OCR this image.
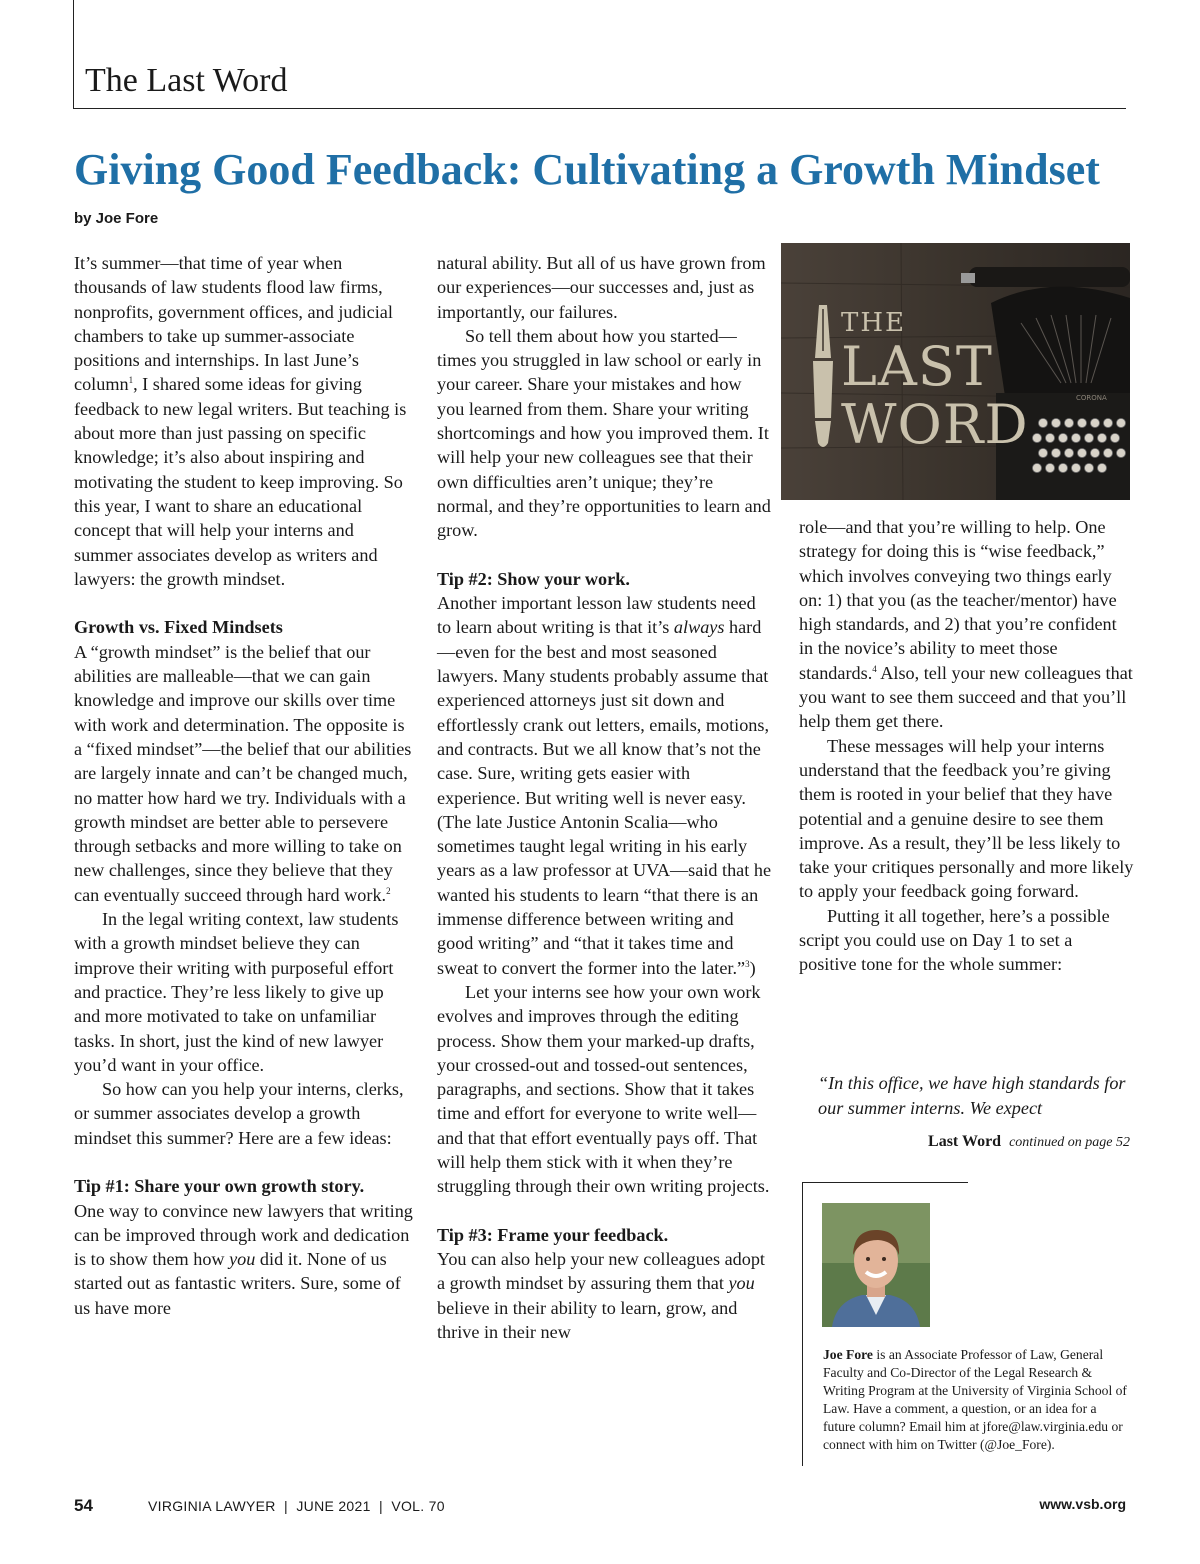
The Last Word
Giving Good Feedback: Cultivating a Growth Mindset
by Joe Fore

It’s summer—that time of year when thousands of law students flood law firms, nonprofits, government offices, and judicial chambers to take up summer-associate positions and internships. In last June’s column$^1$, I shared some ideas for giving feedback to new legal writers. But teaching is about more than just passing on specific knowledge; it’s also about inspiring and motivating the student to keep improving. So this year, I want to share an educational concept that will help your interns and summer associates develop as writers and lawyers: the growth mindset.

Growth vs. Fixed Mindsets

A “growth mindset” is the belief that our abilities are malleable—that we can gain knowledge and improve our skills over time with work and determination. The opposite is a “fixed mindset”—the belief that our abilities are largely innate and can’t be changed much, no matter how hard we try. Individuals with a growth mindset are better able to persevere through setbacks and more willing to take on new challenges, since they believe that they can eventually succeed through hard work.$^2$

In the legal writing context, law students with a growth mindset believe they can improve their writing with purposeful effort and practice. They’re less likely to give up and more motivated to take on unfamiliar tasks. In short, just the kind of new lawyer you’d want in your office.

So how can you help your interns, clerks, or summer associates develop a growth mindset this summer? Here are a few ideas:

Tip #1: Share your own growth story.

One way to convince new lawyers that writing can be improved through work and dedication is to show them how you did it. None of us started out as fantastic writers. Sure, some of us have more

natural ability. But all of us have grown from our experiences—our successes and, just as importantly, our failures.

So tell them about how you started—times you struggled in law school or early in your career. Share your mistakes and how you learned from them. Share your writing shortcomings and how you improved them. It will help your new colleagues see that their own difficulties aren’t unique; they’re normal, and they’re opportunities to learn and grow.

Tip #2: Show your work.

Another important lesson law students need to learn about writing is that it’s always hard—even for the best and most seasoned lawyers. Many students probably assume that experienced attorneys just sit down and effortlessly crank out letters, emails, motions, and contracts. But we all know that’s not the case. Sure, writing gets easier with experience. But writing well is never easy. (The late Justice Antonin Scalia—who sometimes taught legal writing in his early years as a law professor at UVA—said that he wanted his students to learn “that there is an immense difference between writing and good writing” and “that it takes time and sweat to convert the former into the later.”$^3$)

Let your interns see how your own work evolves and improves through the editing process. Show them your marked-up drafts, your crossed-out and tossed-out sentences, paragraphs, and sections. Show that it takes time and effort for everyone to write well—and that that effort eventually pays off. That will help them stick with it when they’re struggling through their own writing projects.

Tip #3: Frame your feedback.

You can also help your new colleagues adopt a growth mindset by assuring them that you believe in their ability to learn, grow, and thrive in their new

CORONA
THE
LAST
WORD

role—and that you’re willing to help. One strategy for doing this is “wise feedback,” which involves conveying two things early on: 1) that you (as the teacher/mentor) have high standards, and 2) that you’re confident in the novice’s ability to meet those standards.$^4$ Also, tell your new colleagues that you want to see them succeed and that you’ll help them get there.

These messages will help your interns understand that the feedback you’re giving them is rooted in your belief that they have potential and a genuine desire to see them improve. As a result, they’ll be less likely to take your critiques personally and more likely to apply your feedback going forward.

Putting it all together, here’s a possible script you could use on Day 1 to set a positive tone for the whole summer:

“In this office, we have high standards for our summer interns. We expect

Last Word continued on page 52

Joe Fore is an Associate Professor of Law, General Faculty and Co-Director of the Legal Research & Writing Program at the University of Virginia School of Law. Have a comment, a question, or an idea for a future column? Email him at jfore@law.virginia.edu or connect with him on Twitter (@Joe_Fore).

54	VIRGINIA LAWYER  |  JUNE 2021  |  VOL. 70	www.vsb.org
